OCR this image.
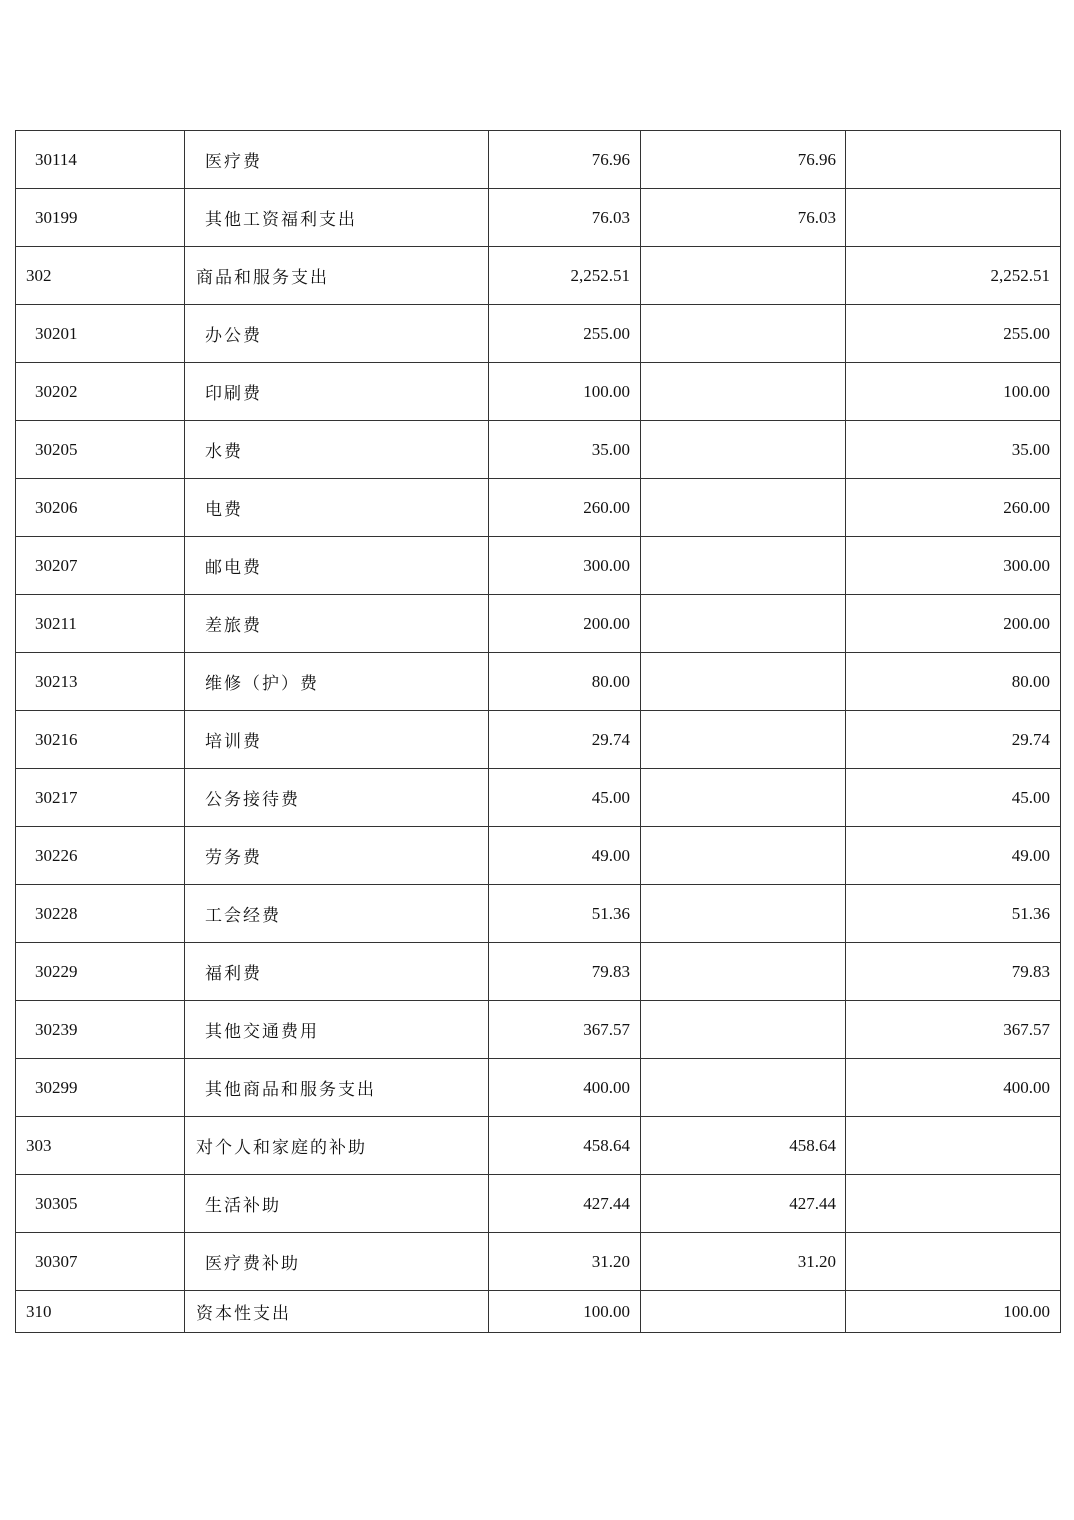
30114	医疗费	76.96	76.96	
30199	其他工资福利支出	76.03	76.03	
302	商品和服务支出	2,252.51		2,252.51
30201	办公费	255.00		255.00
30202	印刷费	100.00		100.00
30205	水费	35.00		35.00
30206	电费	260.00		260.00
30207	邮电费	300.00		300.00
30211	差旅费	200.00		200.00
30213	维修（护）费	80.00		80.00
30216	培训费	29.74		29.74
30217	公务接待费	45.00		45.00
30226	劳务费	49.00		49.00
30228	工会经费	51.36		51.36
30229	福利费	79.83		79.83
30239	其他交通费用	367.57		367.57
30299	其他商品和服务支出	400.00		400.00
303	对个人和家庭的补助	458.64	458.64	
30305	生活补助	427.44	427.44	
30307	医疗费补助	31.20	31.20	
310	资本性支出	100.00		100.00
